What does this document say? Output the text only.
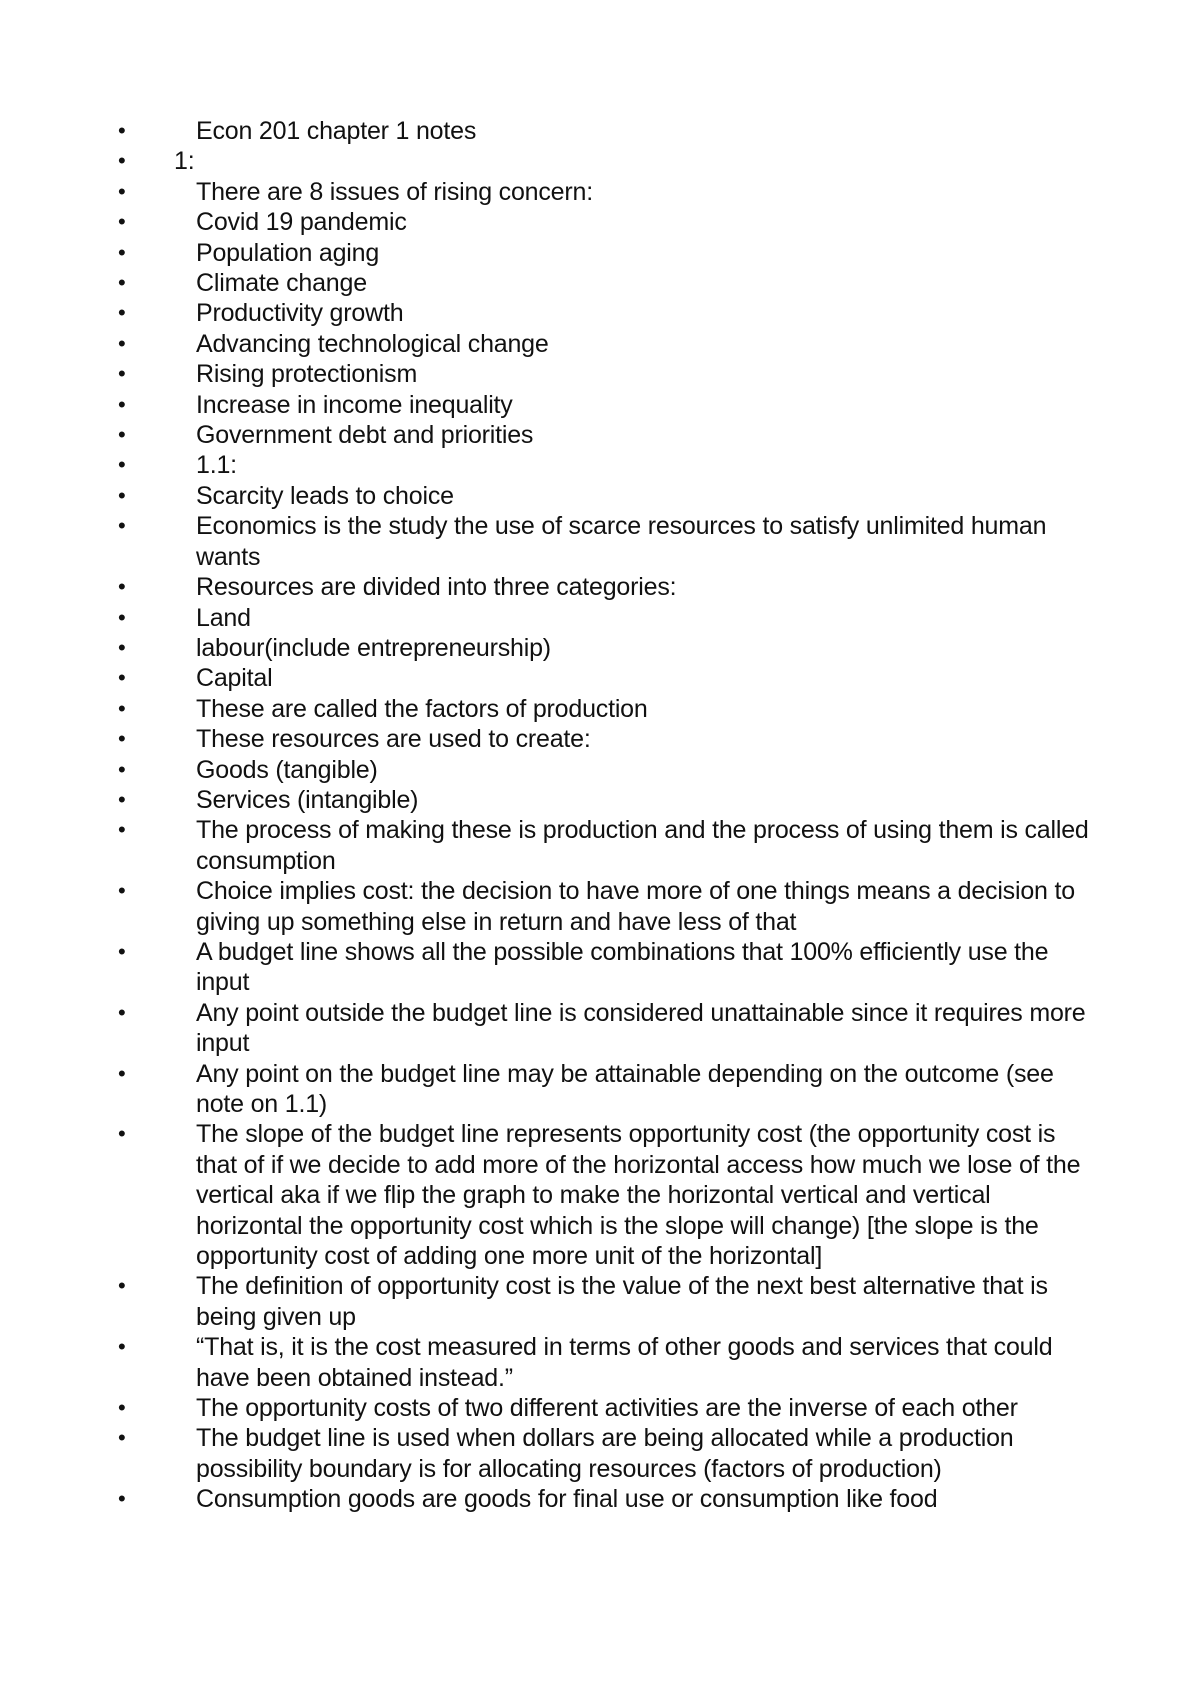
•	Econ 201 chapter 1 notes
• 1:
•	There are 8 issues of rising concern:
•	Covid 19 pandemic
•	Population aging
•	Climate change
•	Productivity growth
•	Advancing technological change
•	Rising protectionism
•	Increase in income inequality
•	Government debt and priorities
•	1.1:
•	Scarcity leads to choice
•	Economics is the study the use of scarce resources to satisfy unlimited human wants
•	Resources are divided into three categories:
•	Land
•	labour(include entrepreneurship)
•	Capital
•	These are called the factors of production
•	These resources are used to create:
•	Goods (tangible)
•	Services (intangible)
•	The process of making these is production and the process of using them is called consumption
•	Choice implies cost: the decision to have more of one things means a decision to giving up something else in return and have less of that
•	A budget line shows all the possible combinations that 100% efficiently use the input
•	Any point outside the budget line is considered unattainable since it requires more input
•	Any point on the budget line may be attainable depending on the outcome (see note on 1.1)
•	The slope of the budget line represents opportunity cost (the opportunity cost is that of if we decide to add more of the horizontal access how much we lose of the vertical aka if we flip the graph to make the horizontal vertical and vertical horizontal the opportunity cost which is the slope will change) [the slope is the opportunity cost of adding one more unit of the horizontal]
•	The definition of opportunity cost is the value of the next best alternative that is being given up
•	“That is, it is the cost measured in terms of other goods and services that could have been obtained instead.”
•	The opportunity costs of two different activities are the inverse of each other
•	The budget line is used when dollars are being allocated while a production possibility boundary is for allocating resources (factors of production)
•	Consumption goods are goods for final use or consumption like food
